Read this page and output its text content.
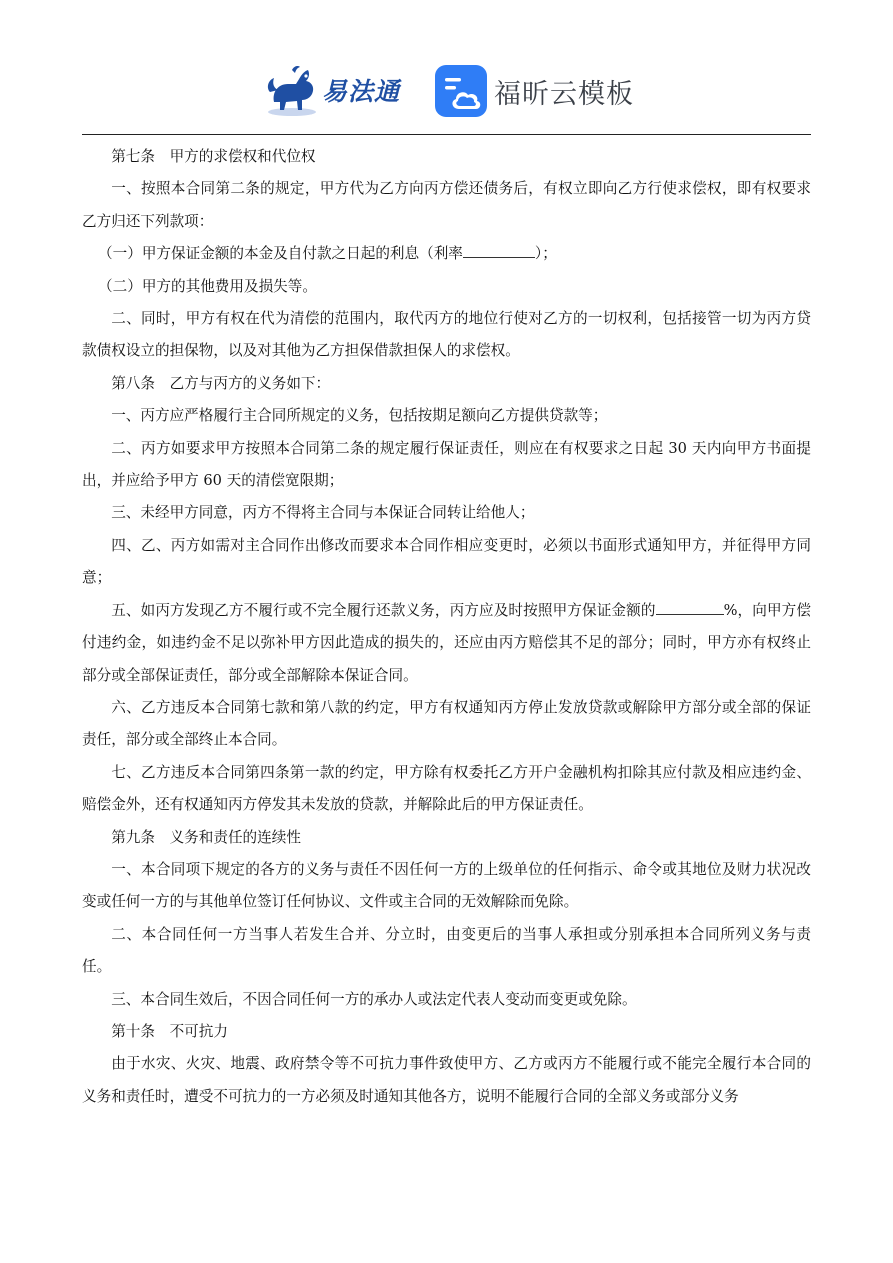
易法通	福昕云模板

第七条　甲方的求偿权和代位权

一、按照本合同第二条的规定，甲方代为乙方向丙方偿还债务后，有权立即向乙方行使求偿权，即有权要求乙方归还下列款项：

（一）甲方保证金额的本金及自付款之日起的利息（利率	）；

（二）甲方的其他费用及损失等。

二、同时，甲方有权在代为清偿的范围内，取代丙方的地位行使对乙方的一切权利，包括接管一切为丙方贷款债权设立的担保物，以及对其他为乙方担保借款担保人的求偿权。

第八条　乙方与丙方的义务如下：

一、丙方应严格履行主合同所规定的义务，包括按期足额向乙方提供贷款等；

二、丙方如要求甲方按照本合同第二条的规定履行保证责任，则应在有权要求之日起 30 天内向甲方书面提出，并应给予甲方 60 天的清偿宽限期；

三、未经甲方同意，丙方不得将主合同与本保证合同转让给他人；

四、乙、丙方如需对主合同作出修改而要求本合同作相应变更时，必须以书面形式通知甲方，并征得甲方同意；

五、如丙方发现乙方不履行或不完全履行还款义务，丙方应及时按照甲方保证金额的	%，向甲方偿付违约金，如违约金不足以弥补甲方因此造成的损失的，还应由丙方赔偿其不足的部分；同时，甲方亦有权终止部分或全部保证责任，部分或全部解除本保证合同。

六、乙方违反本合同第七款和第八款的约定，甲方有权通知丙方停止发放贷款或解除甲方部分或全部的保证责任，部分或全部终止本合同。

七、乙方违反本合同第四条第一款的约定，甲方除有权委托乙方开户金融机构扣除其应付款及相应违约金、赔偿金外，还有权通知丙方停发其未发放的贷款，并解除此后的甲方保证责任。

第九条　义务和责任的连续性

一、本合同项下规定的各方的义务与责任不因任何一方的上级单位的任何指示、命令或其地位及财力状况改变或任何一方的与其他单位签订任何协议、文件或主合同的无效解除而免除。

二、本合同任何一方当事人若发生合并、分立时，由变更后的当事人承担或分别承担本合同所列义务与责任。

三、本合同生效后，不因合同任何一方的承办人或法定代表人变动而变更或免除。

第十条　不可抗力

由于水灾、火灾、地震、政府禁令等不可抗力事件致使甲方、乙方或丙方不能履行或不能完全履行本合同的义务和责任时，遭受不可抗力的一方必须及时通知其他各方，说明不能履行合同的全部义务或部分义务
